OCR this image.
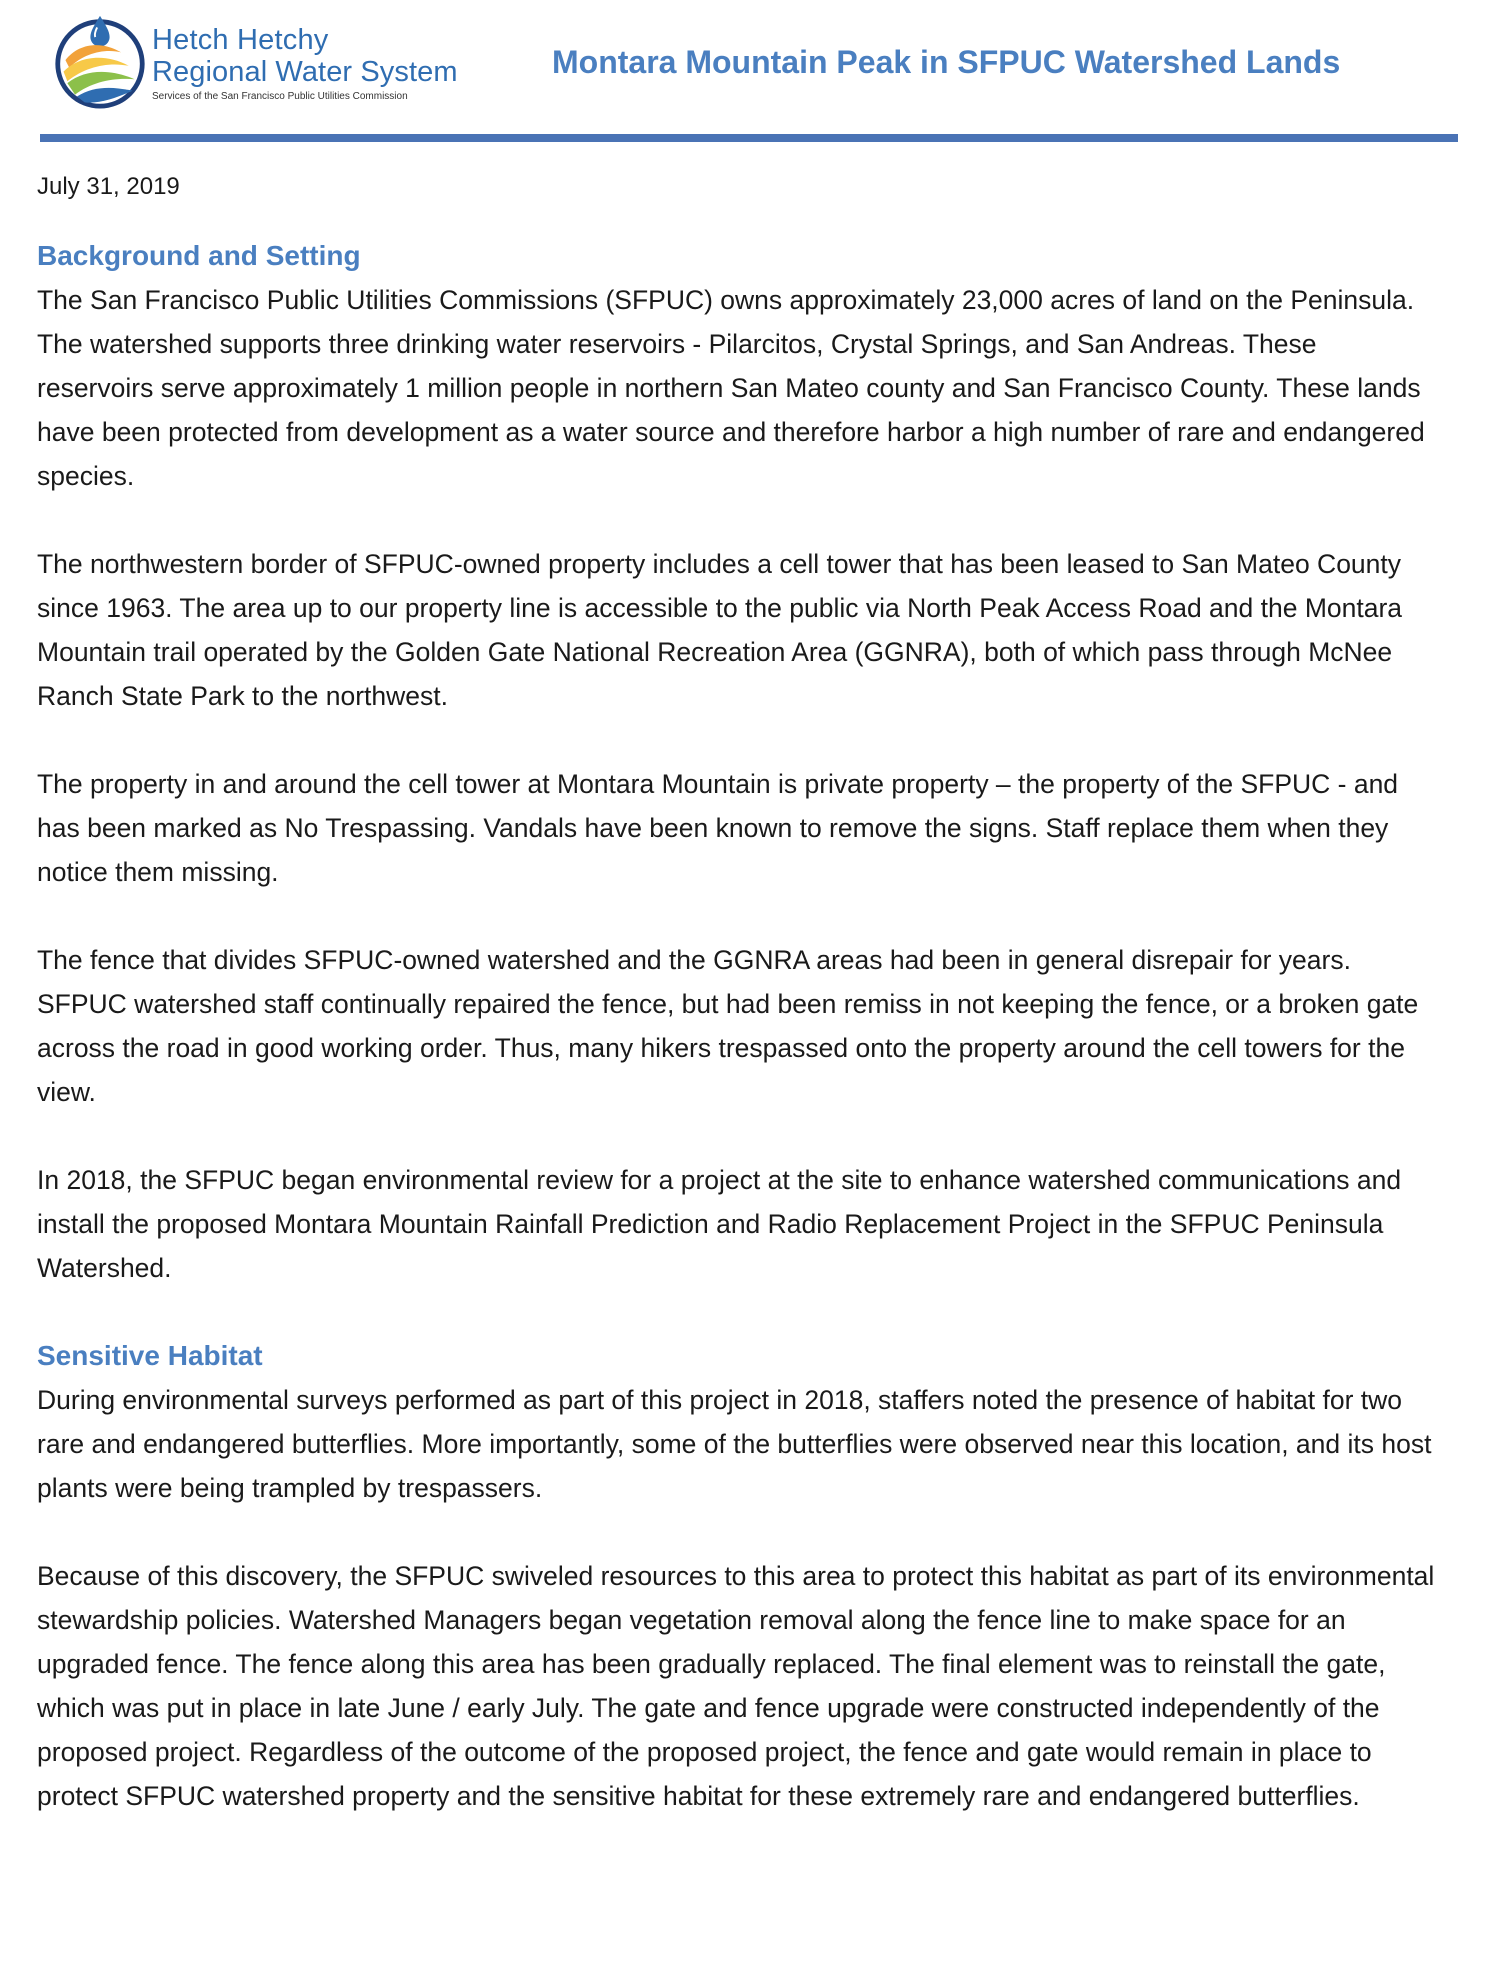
Hetch Hetchy
Regional Water System
Services of the San Francisco Public Utilities Commission
Montara Mountain Peak in SFPUC Watershed Lands

July 31, 2019

Background and Setting

The San Francisco Public Utilities Commissions (SFPUC) owns approximately 23,000 acres of land on the Peninsula. The watershed supports three drinking water reservoirs - Pilarcitos, Crystal Springs, and San Andreas. These reservoirs serve approximately 1 million people in northern San Mateo county and San Francisco County. These lands have been protected from development as a water source and therefore harbor a high number of rare and endangered species.

The northwestern border of SFPUC-owned property includes a cell tower that has been leased to San Mateo County since 1963. The area up to our property line is accessible to the public via North Peak Access Road and the Montara Mountain trail operated by the Golden Gate National Recreation Area (GGNRA), both of which pass through McNee Ranch State Park to the northwest.

The property in and around the cell tower at Montara Mountain is private property – the property of the SFPUC - and has been marked as No Trespassing. Vandals have been known to remove the signs. Staff replace them when they notice them missing.

The fence that divides SFPUC-owned watershed and the GGNRA areas had been in general disrepair for years. SFPUC watershed staff continually repaired the fence, but had been remiss in not keeping the fence, or a broken gate across the road in good working order. Thus, many hikers trespassed onto the property around the cell towers for the view.

In 2018, the SFPUC began environmental review for a project at the site to enhance watershed communications and install the proposed Montara Mountain Rainfall Prediction and Radio Replacement Project in the SFPUC Peninsula Watershed.

Sensitive Habitat

During environmental surveys performed as part of this project in 2018, staffers noted the presence of habitat for two rare and endangered butterflies. More importantly, some of the butterflies were observed near this location, and its host plants were being trampled by trespassers.

Because of this discovery, the SFPUC swiveled resources to this area to protect this habitat as part of its environmental stewardship policies. Watershed Managers began vegetation removal along the fence line to make space for an upgraded fence. The fence along this area has been gradually replaced. The final element was to reinstall the gate, which was put in place in late June / early July. The gate and fence upgrade were constructed independently of the proposed project. Regardless of the outcome of the proposed project, the fence and gate would remain in place to protect SFPUC watershed property and the sensitive habitat for these extremely rare and endangered butterflies.
